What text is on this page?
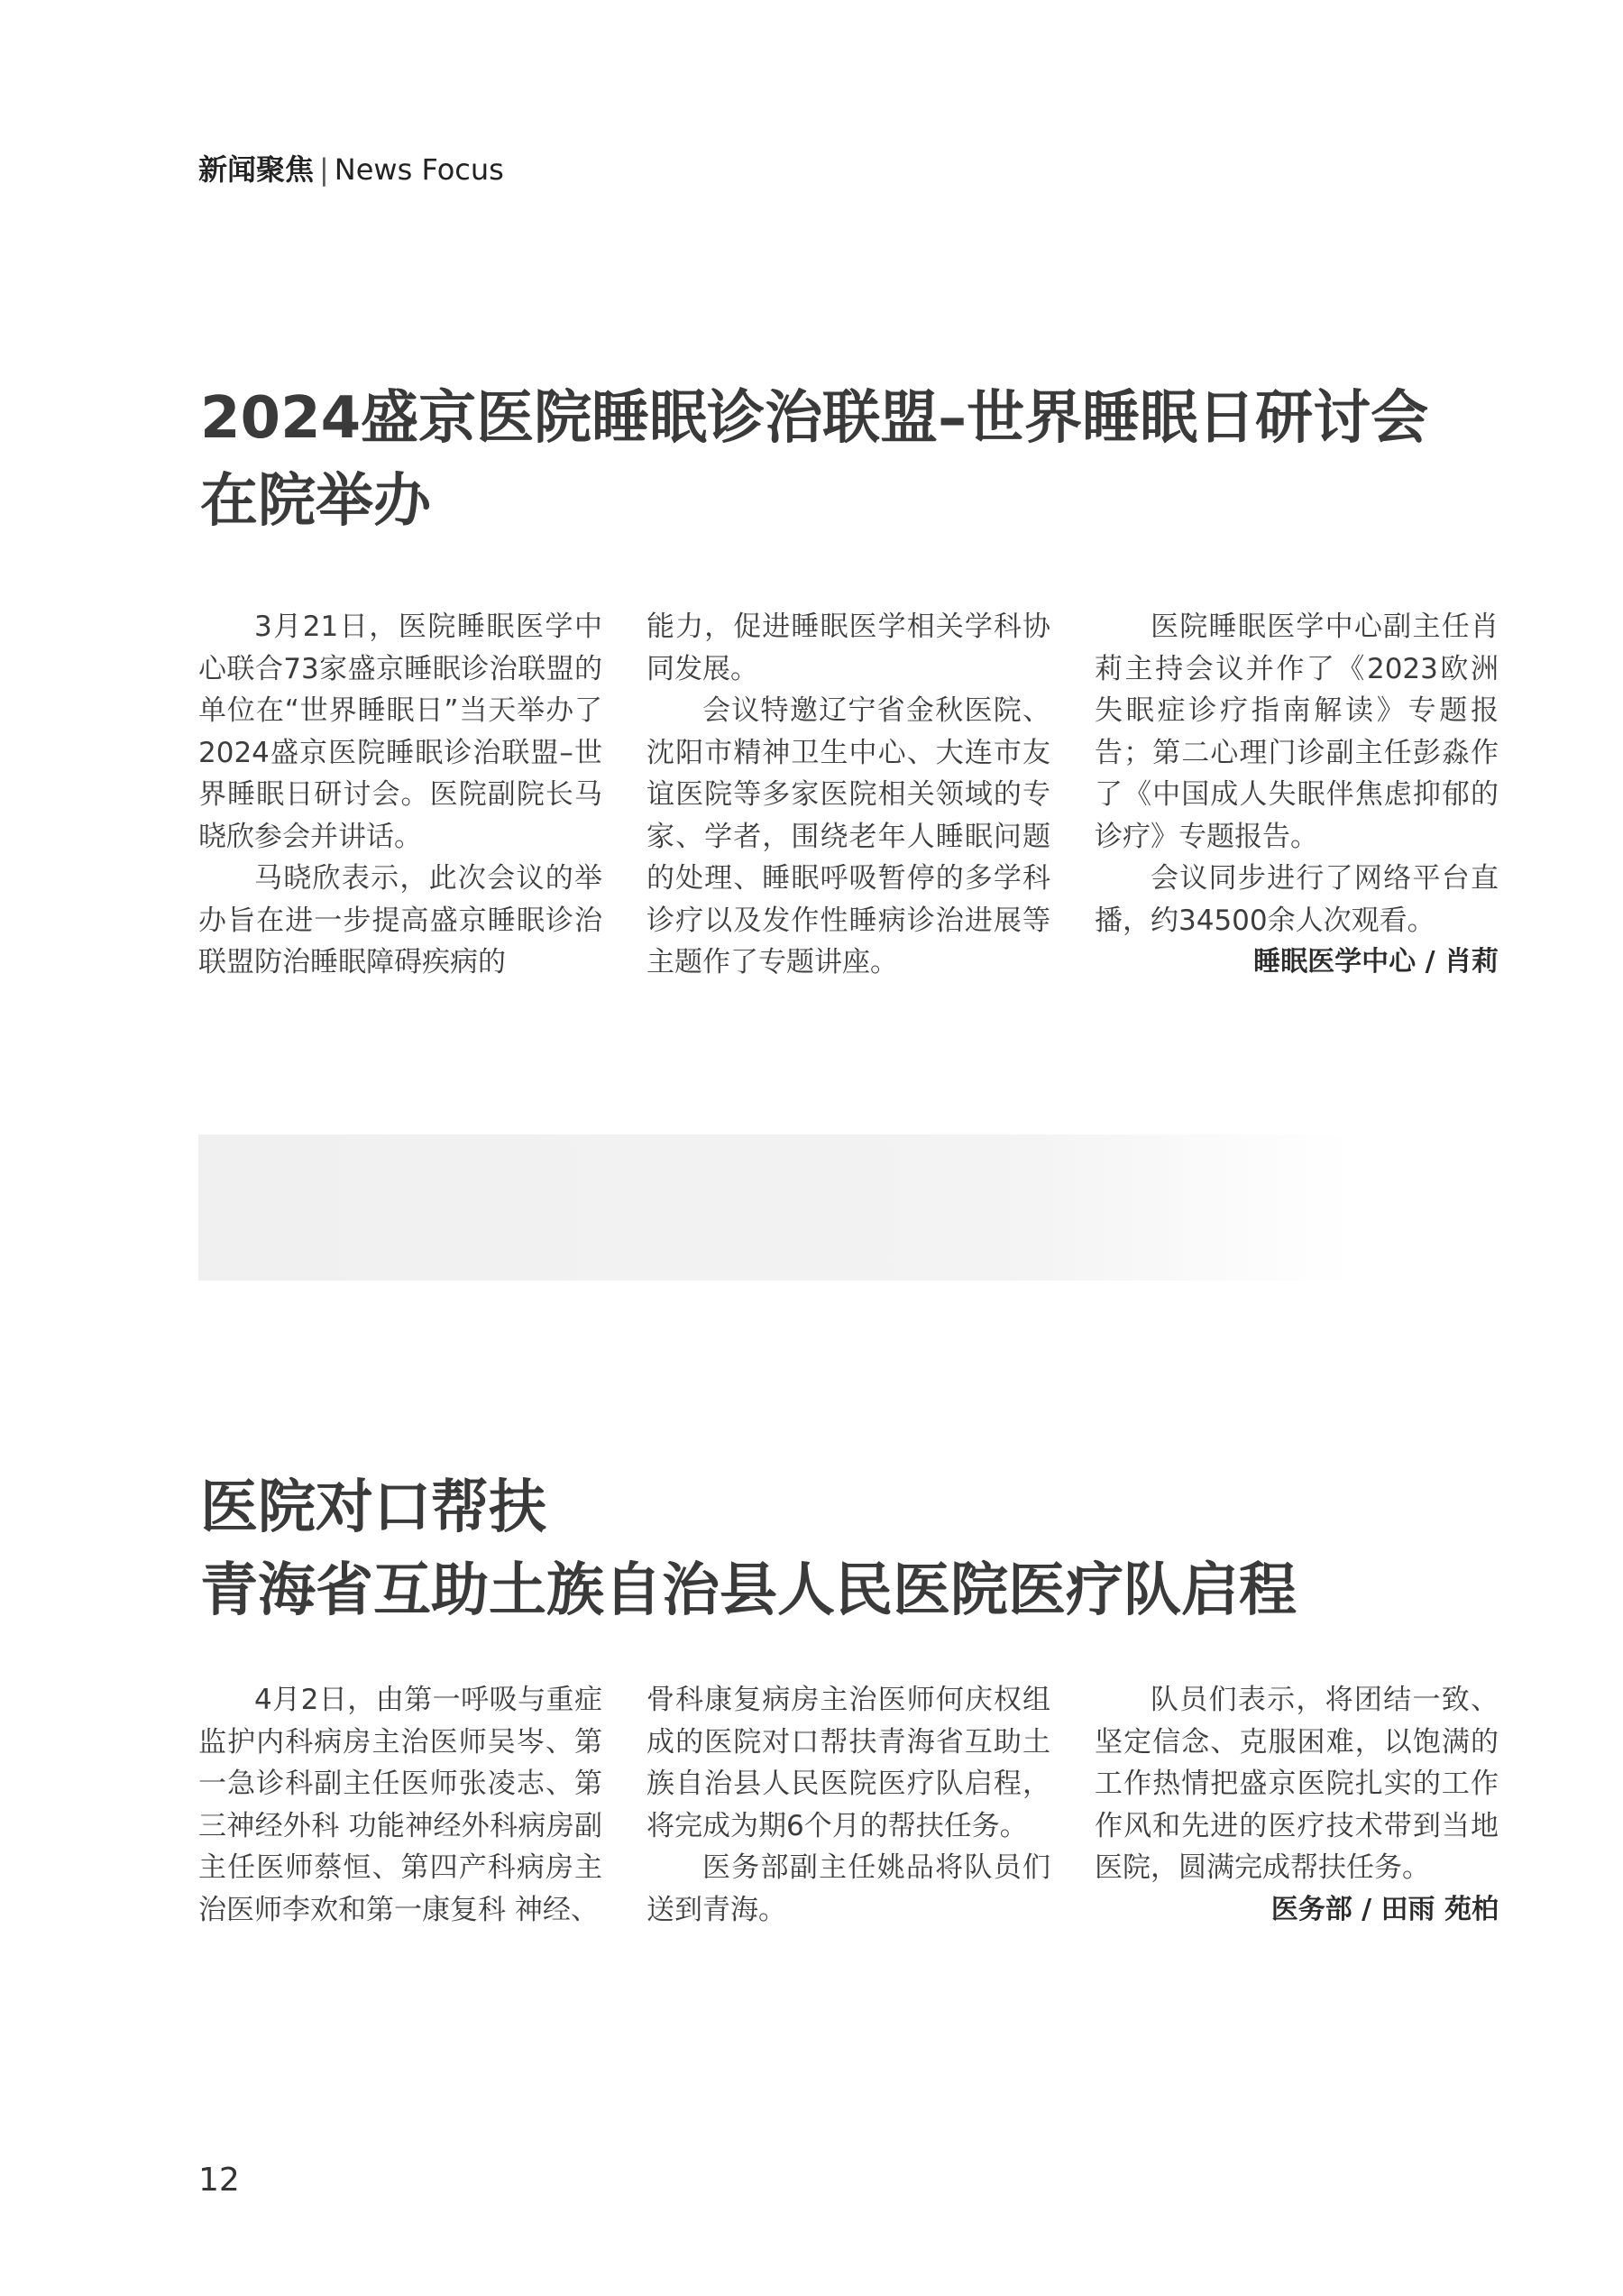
新闻聚焦 | News Focus
2024盛京医院睡眠诊治联盟–世界睡眠日研讨会
在院举办

3月21日，医院睡眠医学中心联合73家盛京睡眠诊治联盟的单位在“世界睡眠日”当天举办了2024盛京医院睡眠诊治联盟–世界睡眠日研讨会。医院副院长马晓欣参会并讲话。

马晓欣表示，此次会议的举办旨在进一步提高盛京睡眠诊治联盟防治睡眠障碍疾病的

能力，促进睡眠医学相关学科协同发展。

会议特邀辽宁省金秋医院、沈阳市精神卫生中心、大连市友谊医院等多家医院相关领域的专家、学者，围绕老年人睡眠问题的处理、睡眠呼吸暂停的多学科诊疗以及发作性睡病诊治进展等主题作了专题讲座。

医院睡眠医学中心副主任肖莉主持会议并作了《2023欧洲失眠症诊疗指南解读》专题报告；第二心理门诊副主任彭淼作了《中国成人失眠伴焦虑抑郁的诊疗》专题报告。

会议同步进行了网络平台直播，约34500余人次观看。

睡眠医学中心 / 肖莉
医院对口帮扶
青海省互助土族自治县人民医院医疗队启程

4月2日，由第一呼吸与重症监护内科病房主治医师吴岑、第一急诊科副主任医师张凌志、第三神经外科 功能神经外科病房副主任医师蔡恒、第四产科病房主治医师李欢和第一康复科 神经、

骨科康复病房主治医师何庆权组成的医院对口帮扶青海省互助土族自治县人民医院医疗队启程，将完成为期6个月的帮扶任务。

医务部副主任姚品将队员们送到青海。

队员们表示，将团结一致、坚定信念、克服困难，以饱满的工作热情把盛京医院扎实的工作作风和先进的医疗技术带到当地医院，圆满完成帮扶任务。

医务部 / 田雨 苑柏
12
